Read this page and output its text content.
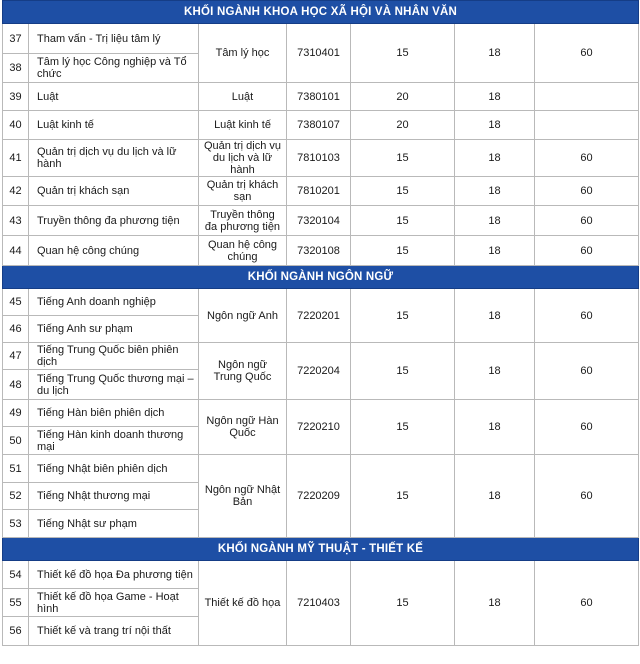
KHỐI NGÀNH KHOA HỌC XÃ HỘI VÀ NHÂN VĂN						
37	Tham vấn - Trị liệu tâm lý	Tâm lý học	7310401	15	18	60
38	Tâm lý học Công nghiệp và Tổ chức					
39	Luật	Luật	7380101	20	18	
40	Luật kinh tế	Luật kinh tế	7380107	20	18	
41	Quản trị dịch vụ du lịch và lữ hành	Quản trị dịch vụ du lịch và lữ hành	7810103	15	18	60
42	Quản trị khách sạn	Quản trị khách sạn	7810201	15	18	60
43	Truyền thông đa phương tiện	Truyền thông đa phương tiện	7320104	15	18	60
44	Quan hệ công chúng	Quan hệ công chúng	7320108	15	18	60
KHỐI NGÀNH NGÔN NGỮ						
45	Tiếng Anh doanh nghiệp	Ngôn ngữ Anh	7220201	15	18	60
46	Tiếng Anh sư phạm					
47	Tiếng Trung Quốc biên phiên dịch	Ngôn ngữ Trung Quốc	7220204	15	18	60
48	Tiếng Trung Quốc thương mại – du lịch					
49	Tiếng Hàn biên phiên dịch	Ngôn ngữ Hàn Quốc	7220210	15	18	60
50	Tiếng Hàn kinh doanh thương mại					
51	Tiếng Nhật biên phiên dịch	Ngôn ngữ Nhật Bản	7220209	15	18	60
52	Tiếng Nhật thương mại					
53	Tiếng Nhật sư phạm					
KHỐI NGÀNH MỸ THUẬT - THIẾT KẾ						
54	Thiết kế đồ họa Đa phương tiện	Thiết kế đồ họa	7210403	15	18	60
55	Thiết kế đồ họa Game - Hoạt hình					
56	Thiết kế và trang trí nội thất					
